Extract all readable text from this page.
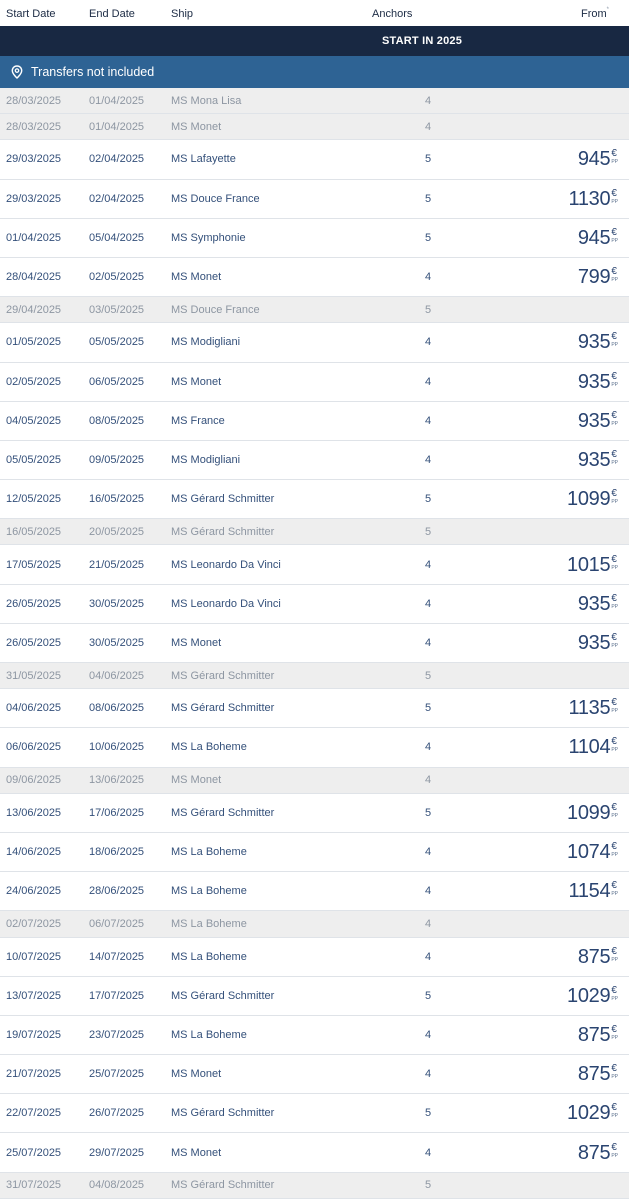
Start Date	End Date	Ship	Anchors	From*
START IN 2025
Transfers not included
28/03/2025	01/04/2025 MS Mona Lisa	4
28/03/2025	01/04/2025 MS Monet	4
29/03/2025	02/04/2025 MS Lafayette	5	945 €
PP
29/03/2025	02/04/2025 MS Douce France	5	1130 €
PP
01/04/2025	05/04/2025 MS Symphonie	5	945 €
PP
28/04/2025	02/05/2025 MS Monet	4	799 €
PP
29/04/2025	03/05/2025 MS Douce France	5
01/05/2025	05/05/2025 MS Modigliani	4	935 €
PP
02/05/2025	06/05/2025 MS Monet	4	935 €
PP
04/05/2025	08/05/2025 MS France	4	935 €
PP
05/05/2025	09/05/2025 MS Modigliani	4	935 €
PP
12/05/2025	16/05/2025 MS Gérard Schmitter	5	1099 €
PP
16/05/2025	20/05/2025 MS Gérard Schmitter	5
17/05/2025	21/05/2025 MS Leonardo Da Vinci	4	1015 €
PP
26/05/2025	30/05/2025 MS Leonardo Da Vinci	4	935 €
PP
26/05/2025	30/05/2025 MS Monet	4	935 €
PP
31/05/2025	04/06/2025 MS Gérard Schmitter	5
04/06/2025	08/06/2025 MS Gérard Schmitter	5	1135 €
PP
06/06/2025	10/06/2025 MS La Boheme	4	1104 €
PP
09/06/2025	13/06/2025 MS Monet	4
13/06/2025	17/06/2025 MS Gérard Schmitter	5	1099 €
PP
14/06/2025	18/06/2025 MS La Boheme	4	1074 €
PP
24/06/2025	28/06/2025 MS La Boheme	4	1154 €
PP
02/07/2025	06/07/2025 MS La Boheme	4
10/07/2025	14/07/2025 MS La Boheme	4	875 €
PP
13/07/2025	17/07/2025 MS Gérard Schmitter	5	1029 €
PP
19/07/2025	23/07/2025 MS La Boheme	4	875 €
PP
21/07/2025	25/07/2025 MS Monet	4	875 €
PP
22/07/2025	26/07/2025 MS Gérard Schmitter	5	1029 €
PP
25/07/2025	29/07/2025 MS Monet	4	875 €
PP
31/07/2025	04/08/2025 MS Gérard Schmitter	5
